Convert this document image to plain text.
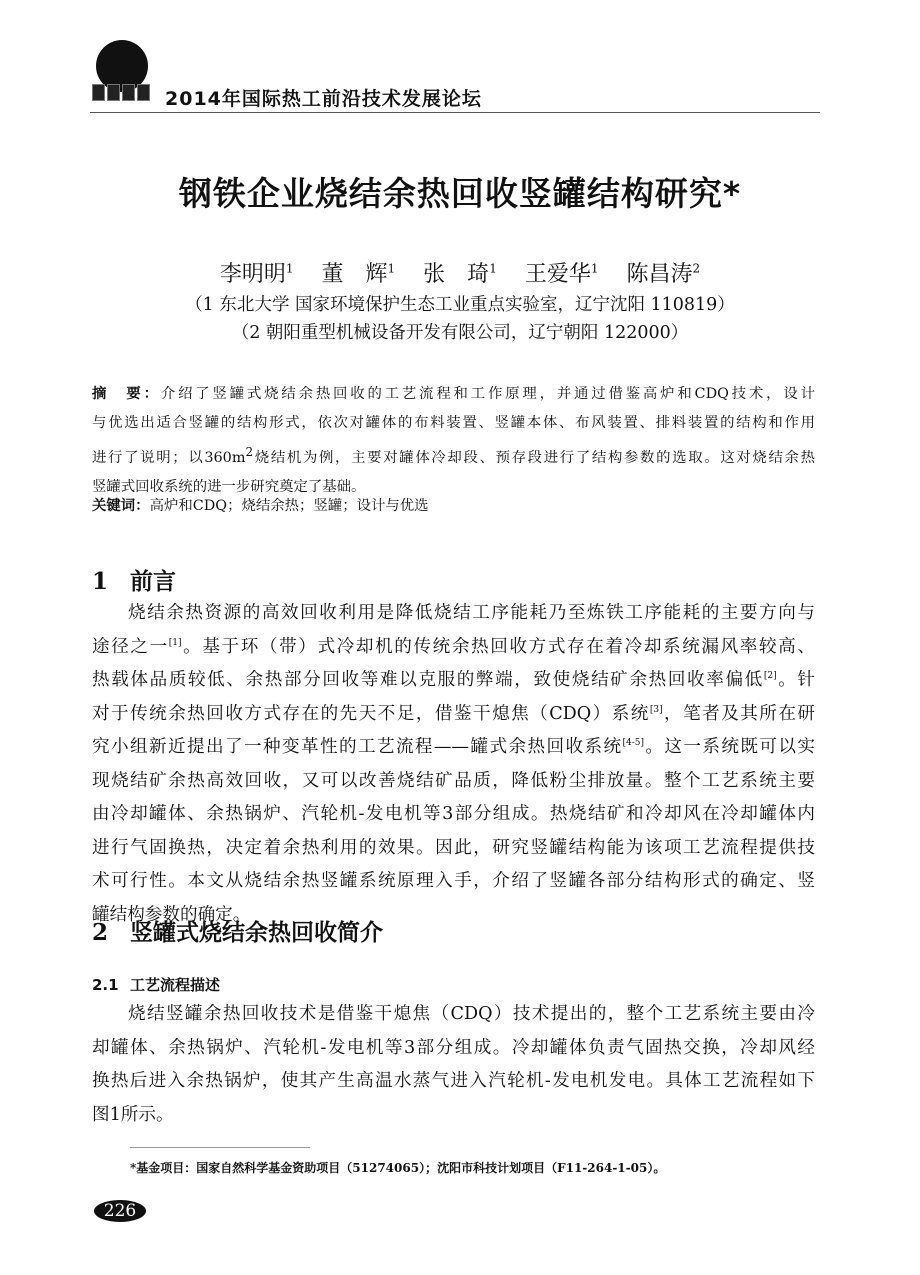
2014年国际热工前沿技术发展论坛
钢铁企业烧结余热回收竖罐结构研究*
李明明$^1$ 董　辉$^1$ 张　琦$^1$ 王爱华$^1$ 陈昌涛$^2$
（1 东北大学 国家环境保护生态工业重点实验室，辽宁沈阳 110819）
（2 朝阳重型机械设备开发有限公司，辽宁朝阳 122000）
摘　要：介绍了竖罐式烧结余热回收的工艺流程和工作原理，并通过借鉴高炉和CDQ技术，设计
与优选出适合竖罐的结构形式，依次对罐体的布料装置、竖罐本体、布风装置、排料装置的结构和作用
进行了说明；以$360m^2$烧结机为例，主要对罐体冷却段、预存段进行了结构参数的选取。这对烧结余热
竖罐式回收系统的进一步研究奠定了基础。
关键词：高炉和CDQ；烧结余热；竖罐；设计与优选
1 前言
烧结余热资源的高效回收利用是降低烧结工序能耗乃至炼铁工序能耗的主要方向与
途径之一[1]。基于环（带）式冷却机的传统余热回收方式存在着冷却系统漏风率较高、
热载体品质较低、余热部分回收等难以克服的弊端，致使烧结矿余热回收率偏低[2]。针
对于传统余热回收方式存在的先天不足，借鉴干熄焦（CDQ）系统[3]，笔者及其所在研
究小组新近提出了一种变革性的工艺流程——罐式余热回收系统[4-5]。这一系统既可以实
现烧结矿余热高效回收，又可以改善烧结矿品质，降低粉尘排放量。整个工艺系统主要
由冷却罐体、余热锅炉、汽轮机-发电机等3部分组成。热烧结矿和冷却风在冷却罐体内
进行气固换热，决定着余热利用的效果。因此，研究竖罐结构能为该项工艺流程提供技
术可行性。本文从烧结余热竖罐系统原理入手，介绍了竖罐各部分结构形式的确定、竖
罐结构参数的确定。
2 竖罐式烧结余热回收简介
2.1 工艺流程描述
烧结竖罐余热回收技术是借鉴干熄焦（CDQ）技术提出的，整个工艺系统主要由冷
却罐体、余热锅炉、汽轮机-发电机等3部分组成。冷却罐体负责气固热交换，冷却风经
换热后进入余热锅炉，使其产生高温水蒸气进入汽轮机-发电机发电。具体工艺流程如下
图1所示。
*基金项目：国家自然科学基金资助项目（51274065）；沈阳市科技计划项目（F11-264-1-05）。
226
